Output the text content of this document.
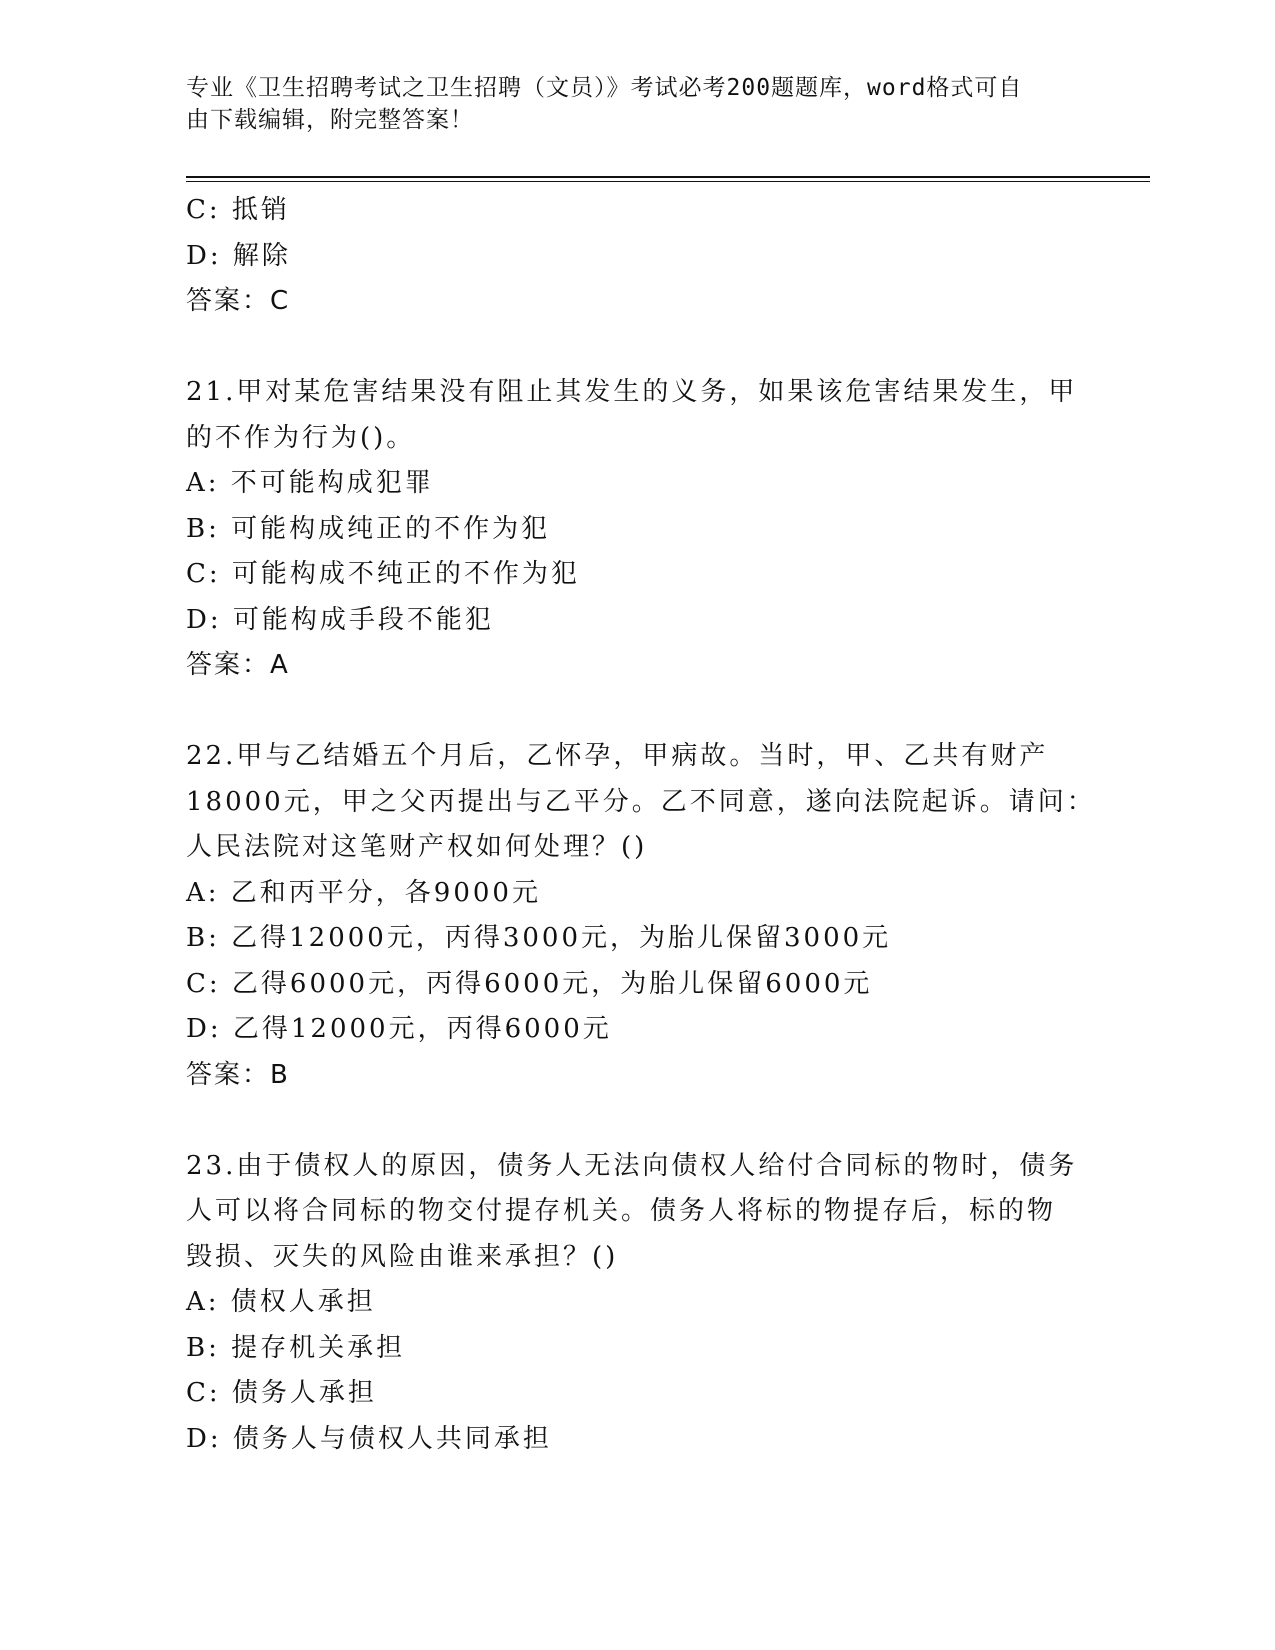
专业《卫生招聘考试之卫生招聘（文员）》考试必考200题题库，word格式可自
由下载编辑，附完整答案！
C: 抵销
D: 解除
答案：C
21.甲对某危害结果没有阻止其发生的义务，如果该危害结果发生，甲
的不作为行为()。
A: 不可能构成犯罪
B: 可能构成纯正的不作为犯
C: 可能构成不纯正的不作为犯
D: 可能构成手段不能犯
答案：A
22.甲与乙结婚五个月后，乙怀孕，甲病故。当时，甲、乙共有财产
18000元，甲之父丙提出与乙平分。乙不同意，遂向法院起诉。请问：
人民法院对这笔财产权如何处理？()
A: 乙和丙平分，各9000元
B: 乙得12000元，丙得3000元，为胎儿保留3000元
C: 乙得6000元，丙得6000元，为胎儿保留6000元
D: 乙得12000元，丙得6000元
答案：B
23.由于债权人的原因，债务人无法向债权人给付合同标的物时，债务
人可以将合同标的物交付提存机关。债务人将标的物提存后，标的物
毁损、灭失的风险由谁来承担？()
A: 债权人承担
B: 提存机关承担
C: 债务人承担
D: 债务人与债权人共同承担
